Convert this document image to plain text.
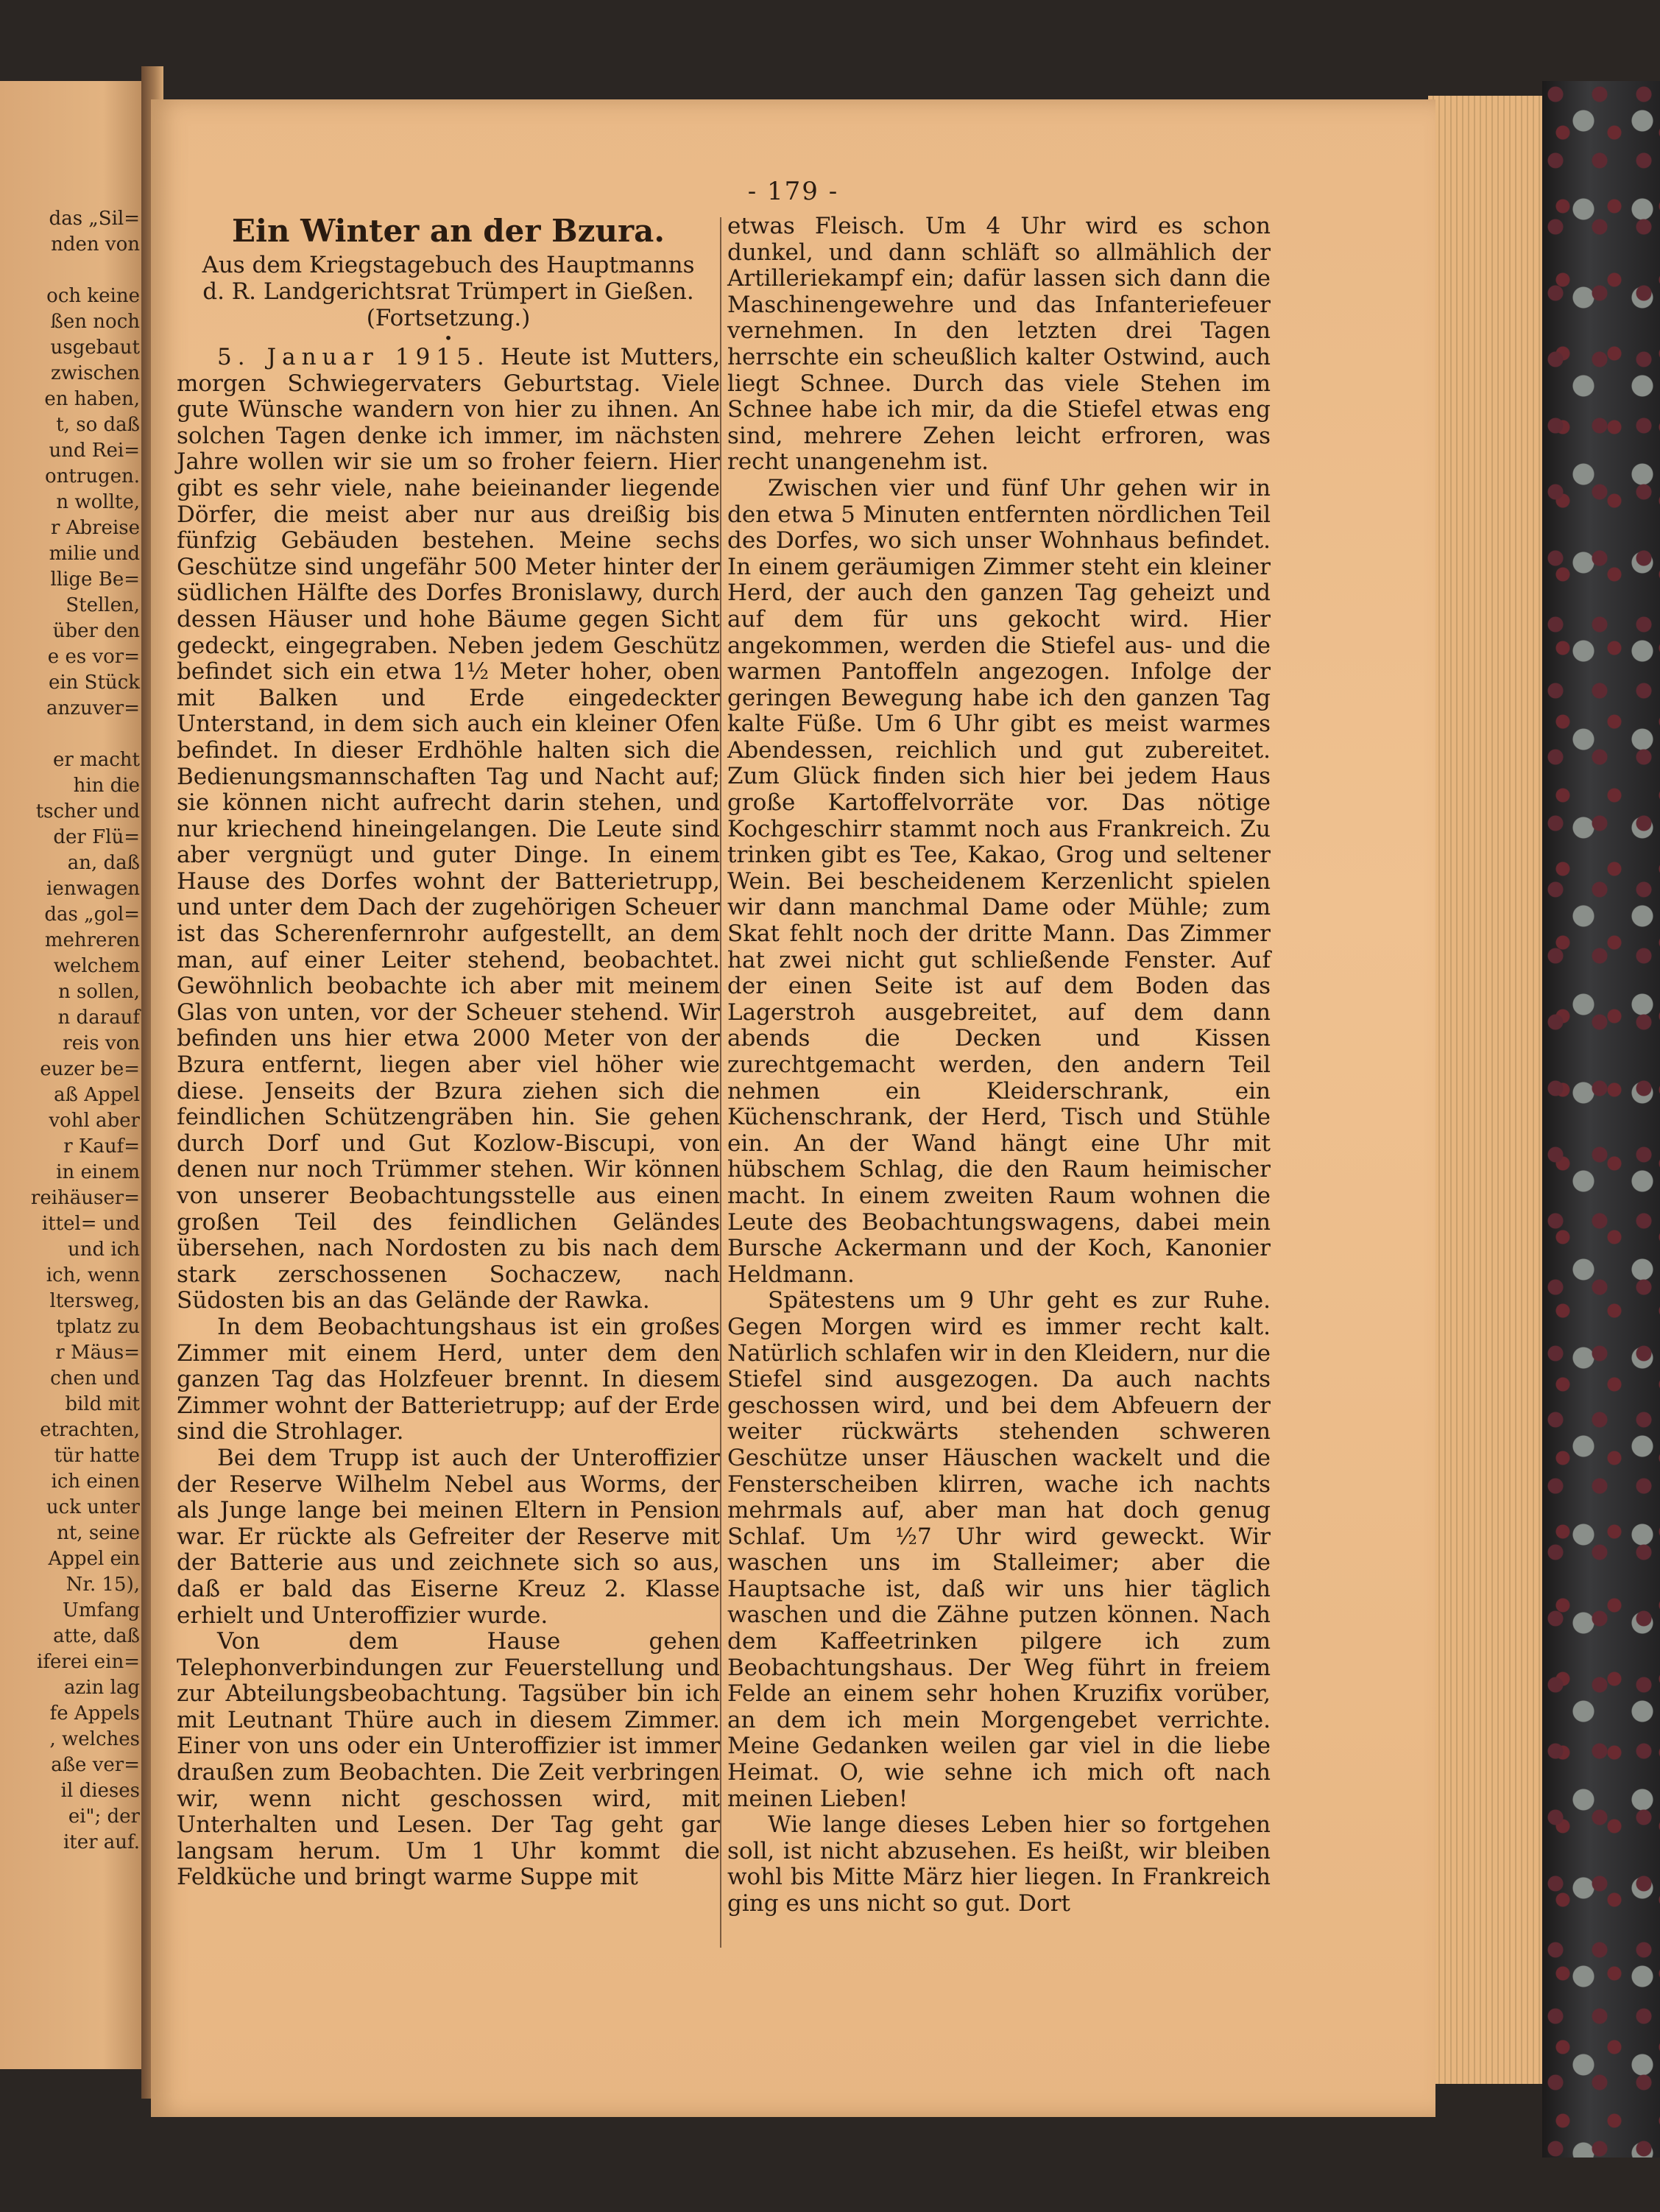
das „Sil=
nden von
och keine
ßen noch
usgebaut
zwischen
en haben,
t, so daß
und Rei=
ontrugen.
n wollte,
r Abreise
milie und
llige Be=
Stellen,
über den
e es vor=
ein Stück
anzuver=
er macht
hin die
tscher und
der Flü=
an, daß
ienwagen
das „gol=
mehreren
welchem
n sollen,
n darauf
reis von
euzer be=
aß Appel
vohl aber
r Kauf=
in einem
reihäuser=
ittel= und
und ich
ich, wenn
ltersweg,
tplatz zu
r Mäus=
chen und
bild mit
etrachten,
tür hatte
ich einen
uck unter
nt, seine
Appel ein
Nr. 15),
Umfang
atte, daß
iferei ein=
azin lag
fe Appels
, welches
aße ver=
il dieses
ei"; der
iter auf.
- 179 -
Ein Winter an der Bzura.

Aus dem Kriegstagebuch des Hauptmanns

d. R. Landgerichtsrat Trümpert in Gießen.

(Fortsetzung.)

•

5. Januar 1915. Heute ist Mutters, morgen Schwiegervaters Geburtstag. Viele gute Wünsche wandern von hier zu ihnen. An solchen Tagen denke ich immer, im nächsten Jahre wollen wir sie um so froher feiern. Hier gibt es sehr viele, nahe beieinander liegende Dörfer, die meist aber nur aus dreißig bis fünfzig Gebäuden bestehen. Meine sechs Geschütze sind ungefähr 500 Meter hinter der südlichen Hälfte des Dorfes Bronislawy, durch dessen Häuser und hohe Bäume gegen Sicht gedeckt, eingegraben. Neben jedem Geschütz befindet sich ein etwa 1½ Meter hoher, oben mit Balken und Erde eingedeckter Unterstand, in dem sich auch ein kleiner Ofen befindet. In dieser Erdhöhle halten sich die Bedienungsmannschaften Tag und Nacht auf; sie können nicht aufrecht darin stehen, und nur kriechend hineingelangen. Die Leute sind aber vergnügt und guter Dinge. In einem Hause des Dorfes wohnt der Batterietrupp, und unter dem Dach der zugehörigen Scheuer ist das Scherenfernrohr aufgestellt, an dem man, auf einer Leiter stehend, beobachtet. Gewöhnlich beobachte ich aber mit meinem Glas von unten, vor der Scheuer stehend. Wir befinden uns hier etwa 2000 Meter von der Bzura entfernt, liegen aber viel höher wie diese. Jenseits der Bzura ziehen sich die feindlichen Schützengräben hin. Sie gehen durch Dorf und Gut Kozlow-Biscupi, von denen nur noch Trümmer stehen. Wir können von unserer Beobachtungsstelle aus einen großen Teil des feindlichen Geländes übersehen, nach Nordosten zu bis nach dem stark zerschossenen Sochaczew, nach Südosten bis an das Gelände der Rawka.

In dem Beobachtungshaus ist ein großes Zimmer mit einem Herd, unter dem den ganzen Tag das Holzfeuer brennt. In diesem Zimmer wohnt der Batterietrupp; auf der Erde sind die Strohlager.

Bei dem Trupp ist auch der Unteroffizier der Reserve Wilhelm Nebel aus Worms, der als Junge lange bei meinen Eltern in Pension war. Er rückte als Gefreiter der Reserve mit der Batterie aus und zeichnete sich so aus, daß er bald das Eiserne Kreuz 2. Klasse erhielt und Unteroffizier wurde.

Von dem Hause gehen Telephonverbindungen zur Feuerstellung und zur Abteilungsbeobachtung. Tagsüber bin ich mit Leutnant Thüre auch in diesem Zimmer. Einer von uns oder ein Unteroffizier ist immer draußen zum Beobachten. Die Zeit verbringen wir, wenn nicht geschossen wird, mit Unterhalten und Lesen. Der Tag geht gar langsam herum. Um 1 Uhr kommt die Feldküche und bringt warme Suppe mit

etwas Fleisch. Um 4 Uhr wird es schon dunkel, und dann schläft so allmählich der Artilleriekampf ein; dafür lassen sich dann die Maschinengewehre und das Infanteriefeuer vernehmen. In den letzten drei Tagen herrschte ein scheußlich kalter Ostwind, auch liegt Schnee. Durch das viele Stehen im Schnee habe ich mir, da die Stiefel etwas eng sind, mehrere Zehen leicht erfroren, was recht unangenehm ist.

Zwischen vier und fünf Uhr gehen wir in den etwa 5 Minuten entfernten nördlichen Teil des Dorfes, wo sich unser Wohnhaus befindet. In einem geräumigen Zimmer steht ein kleiner Herd, der auch den ganzen Tag geheizt und auf dem für uns gekocht wird. Hier angekommen, werden die Stiefel aus- und die warmen Pantoffeln angezogen. Infolge der geringen Bewegung habe ich den ganzen Tag kalte Füße. Um 6 Uhr gibt es meist warmes Abendessen, reichlich und gut zubereitet. Zum Glück finden sich hier bei jedem Haus große Kartoffelvorräte vor. Das nötige Kochgeschirr stammt noch aus Frankreich. Zu trinken gibt es Tee, Kakao, Grog und seltener Wein. Bei bescheidenem Kerzenlicht spielen wir dann manchmal Dame oder Mühle; zum Skat fehlt noch der dritte Mann. Das Zimmer hat zwei nicht gut schließende Fenster. Auf der einen Seite ist auf dem Boden das Lagerstroh ausgebreitet, auf dem dann abends die Decken und Kissen zurechtgemacht werden, den andern Teil nehmen ein Kleiderschrank, ein Küchenschrank, der Herd, Tisch und Stühle ein. An der Wand hängt eine Uhr mit hübschem Schlag, die den Raum heimischer macht. In einem zweiten Raum wohnen die Leute des Beobachtungswagens, dabei mein Bursche Ackermann und der Koch, Kanonier Heldmann.

Spätestens um 9 Uhr geht es zur Ruhe. Gegen Morgen wird es immer recht kalt. Natürlich schlafen wir in den Kleidern, nur die Stiefel sind ausgezogen. Da auch nachts geschossen wird, und bei dem Abfeuern der weiter rückwärts stehenden schweren Geschütze unser Häuschen wackelt und die Fensterscheiben klirren, wache ich nachts mehrmals auf, aber man hat doch genug Schlaf. Um ½7 Uhr wird geweckt. Wir waschen uns im Stalleimer; aber die Hauptsache ist, daß wir uns hier täglich waschen und die Zähne putzen können. Nach dem Kaffeetrinken pilgere ich zum Beobachtungshaus. Der Weg führt in freiem Felde an einem sehr hohen Kruzifix vorüber, an dem ich mein Morgengebet verrichte. Meine Gedanken weilen gar viel in die liebe Heimat. O, wie sehne ich mich oft nach meinen Lieben!

Wie lange dieses Leben hier so fortgehen soll, ist nicht abzusehen. Es heißt, wir bleiben wohl bis Mitte März hier liegen. In Frankreich ging es uns nicht so gut. Dort
